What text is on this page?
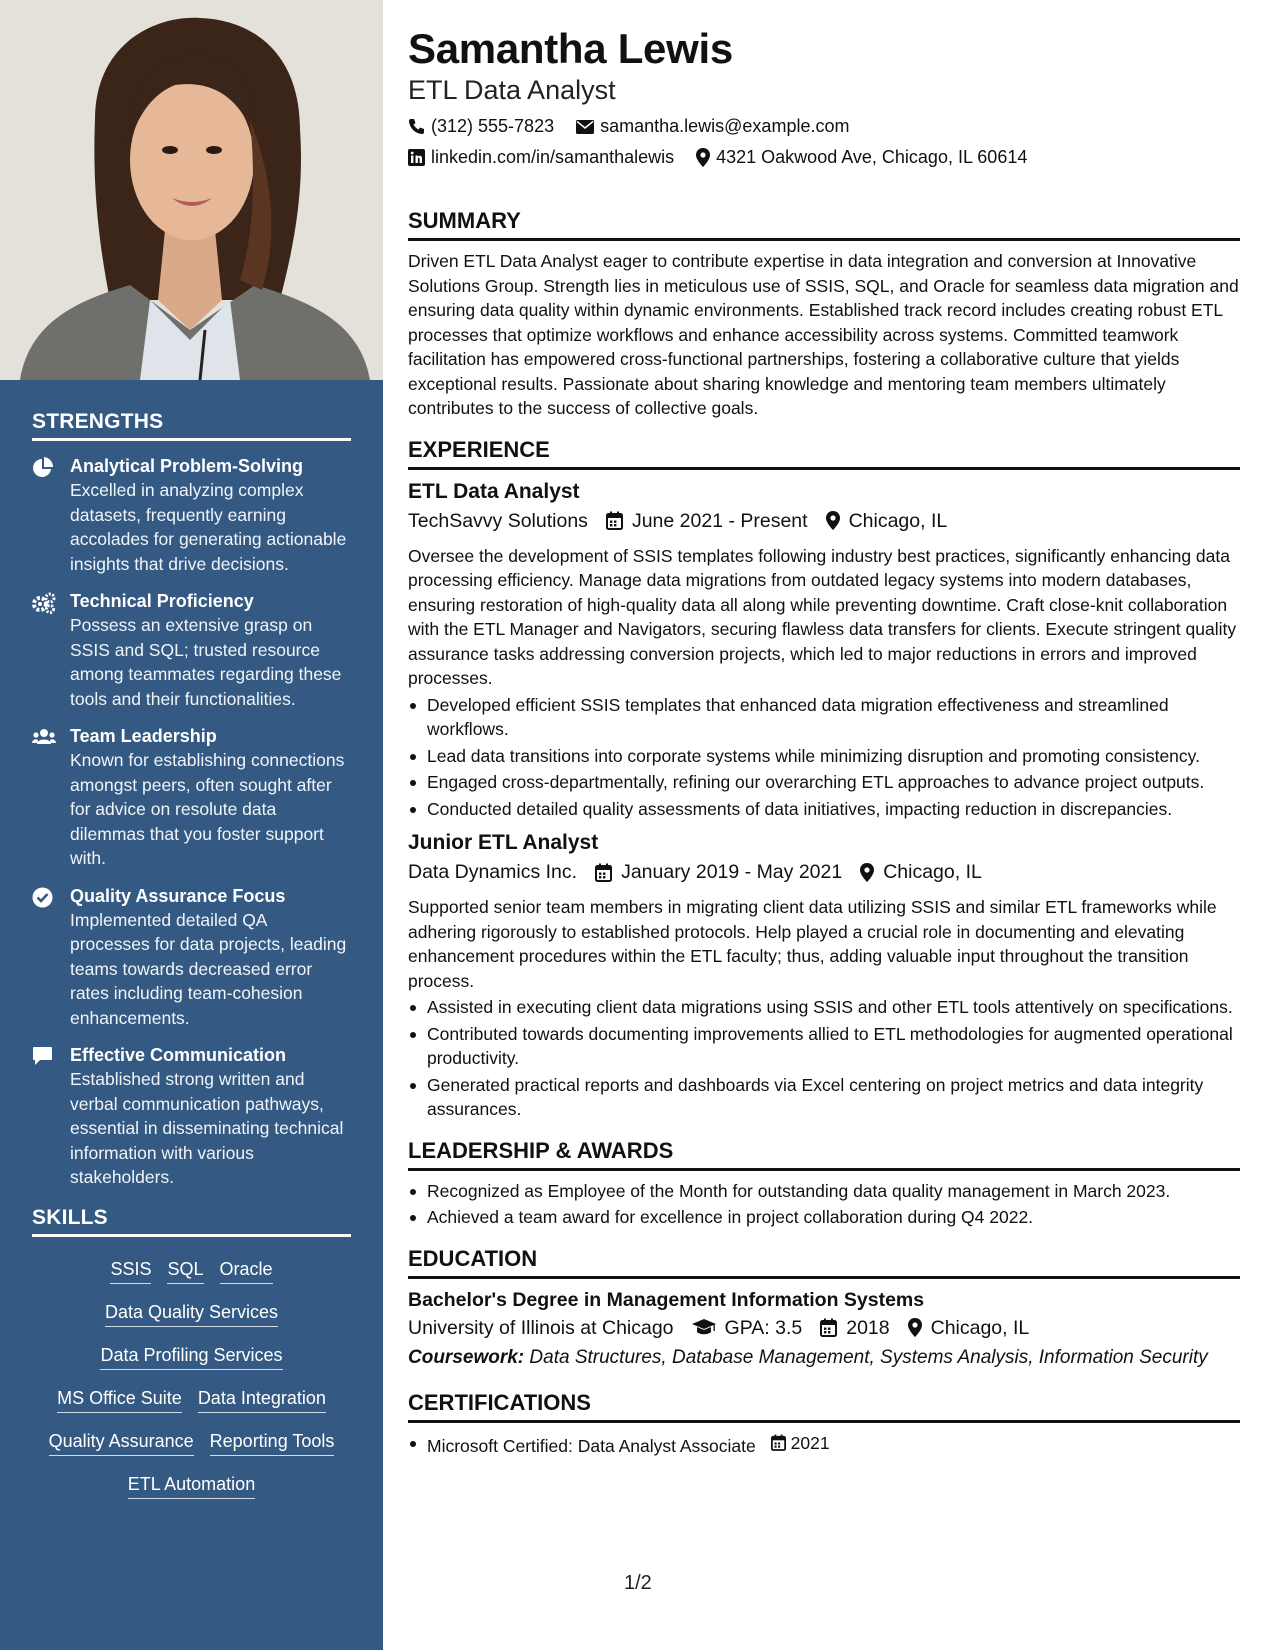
STRENGTHS
Analytical Problem-Solving
Excelled in analyzing complex datasets, frequently earning accolades for generating actionable insights that drive decisions.
Technical Proficiency
Possess an extensive grasp on SSIS and SQL; trusted resource among teammates regarding these tools and their functionalities.
Team Leadership
Known for establishing connections amongst peers, often sought after for advice on resolute data dilemmas that you foster support with.
Quality Assurance Focus
Implemented detailed QA processes for data projects, leading teams towards decreased error rates including team-cohesion enhancements.
Effective Communication
Established strong written and verbal communication pathways, essential in disseminating technical information with various stakeholders.
SKILLS
SSIS SQL Oracle
Data Quality Services
Data Profiling Services
MS Office Suite Data Integration
Quality Assurance Reporting Tools
ETL Automation
Samantha Lewis
ETL Data Analyst
(312) 555-7823	samantha.lewis@example.com
linkedin.com/in/samanthalewis 4321 Oakwood Ave, Chicago, IL 60614
SUMMARY
Driven ETL Data Analyst eager to contribute expertise in data integration and conversion at Innovative Solutions Group. Strength lies in meticulous use of SSIS, SQL, and Oracle for seamless data migration and ensuring data quality within dynamic environments. Established track record includes creating robust ETL processes that optimize workflows and enhance accessibility across systems. Committed teamwork facilitation has empowered cross-functional partnerships, fostering a collaborative culture that yields exceptional results. Passionate about sharing knowledge and mentoring team members ultimately contributes to the success of collective goals.
EXPERIENCE
ETL Data Analyst
TechSavvy Solutions June 2021 - Present Chicago, IL
Oversee the development of SSIS templates following industry best practices, significantly enhancing data processing efficiency. Manage data migrations from outdated legacy systems into modern databases, ensuring restoration of high-quality data all along while preventing downtime. Craft close-knit collaboration with the ETL Manager and Navigators, securing flawless data transfers for clients. Execute stringent quality assurance tasks addressing conversion projects, which led to major reductions in errors and improved processes.
Developed efficient SSIS templates that enhanced data migration effectiveness and streamlined workflows.
Lead data transitions into corporate systems while minimizing disruption and promoting consistency.
Engaged cross-departmentally, refining our overarching ETL approaches to advance project outputs.
Conducted detailed quality assessments of data initiatives, impacting reduction in discrepancies.
Junior ETL Analyst
Data Dynamics Inc. January 2019 - May 2021 Chicago, IL
Supported senior team members in migrating client data utilizing SSIS and similar ETL frameworks while adhering rigorously to established protocols. Help played a crucial role in documenting and elevating enhancement procedures within the ETL faculty; thus, adding valuable input throughout the transition process.
Assisted in executing client data migrations using SSIS and other ETL tools attentively on specifications.
Contributed towards documenting improvements allied to ETL methodologies for augmented operational productivity.
Generated practical reports and dashboards via Excel centering on project metrics and data integrity assurances.
LEADERSHIP & AWARDS
Recognized as Employee of the Month for outstanding data quality management in March 2023.
Achieved a team award for excellence in project collaboration during Q4 2022.
EDUCATION
Bachelor's Degree in Management Information Systems
University of Illinois at Chicago	GPA: 3.5 2018 Chicago, IL
Coursework: Data Structures, Database Management, Systems Analysis, Information Security
CERTIFICATIONS
Microsoft Certified: Data Analyst Associate 2021
1/2
